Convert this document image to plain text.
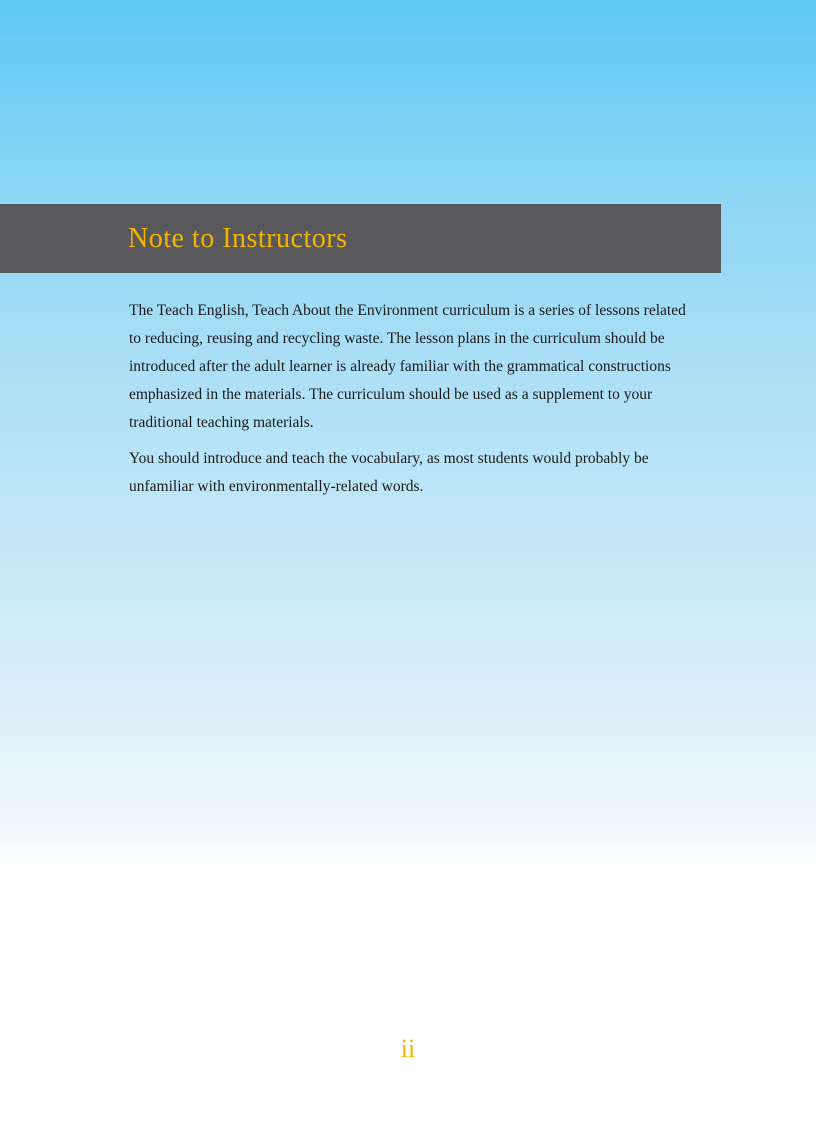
Note to Instructors

The Teach English, Teach About the Environment curriculum is a series of lessons related to reducing, reusing and recycling waste. The lesson plans in the curriculum should be introduced after the adult learner is already familiar with the grammatical constructions emphasized in the materials. The curriculum should be used as a supplement to your traditional teaching materials.

You should introduce and teach the vocabulary, as most students would probably be unfamiliar with environmentally-related words.

ii
